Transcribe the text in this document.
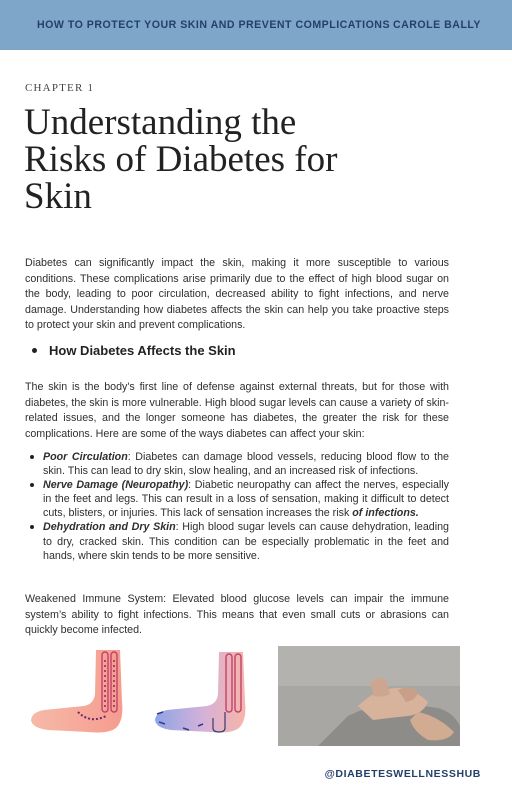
HOW TO PROTECT YOUR SKIN AND PREVENT COMPLICATIONS CAROLE BALLY
CHAPTER 1
Understanding the Risks of Diabetes for Skin

Diabetes can significantly impact the skin, making it more susceptible to various conditions. These complications arise primarily due to the effect of high blood sugar on the body, leading to poor circulation, decreased ability to fight infections, and nerve damage. Understanding how diabetes affects the skin can help you take proactive steps to protect your skin and prevent complications.

How Diabetes Affects the Skin

The skin is the body's first line of defense against external threats, but for those with diabetes, the skin is more vulnerable. High blood sugar levels can cause a variety of skin-related issues, and the longer someone has diabetes, the greater the risk for these complications. Here are some of the ways diabetes can affect your skin:

Poor Circulation: Diabetes can damage blood vessels, reducing blood flow to the skin. This can lead to dry skin, slow healing, and an increased risk of infections.
Nerve Damage (Neuropathy): Diabetic neuropathy can affect the nerves, especially in the feet and legs. This can result in a loss of sensation, making it difficult to detect cuts, blisters, or injuries. This lack of sensation increases the risk of infections.
Dehydration and Dry Skin: High blood sugar levels can cause dehydration, leading to dry, cracked skin. This condition can be especially problematic in the feet and hands, where skin tends to be more sensitive.

Weakened Immune System: Elevated blood glucose levels can impair the immune system’s ability to fight infections. This means that even small cuts or abrasions can quickly become infected.

@DIABETESWELLNESSHUB
